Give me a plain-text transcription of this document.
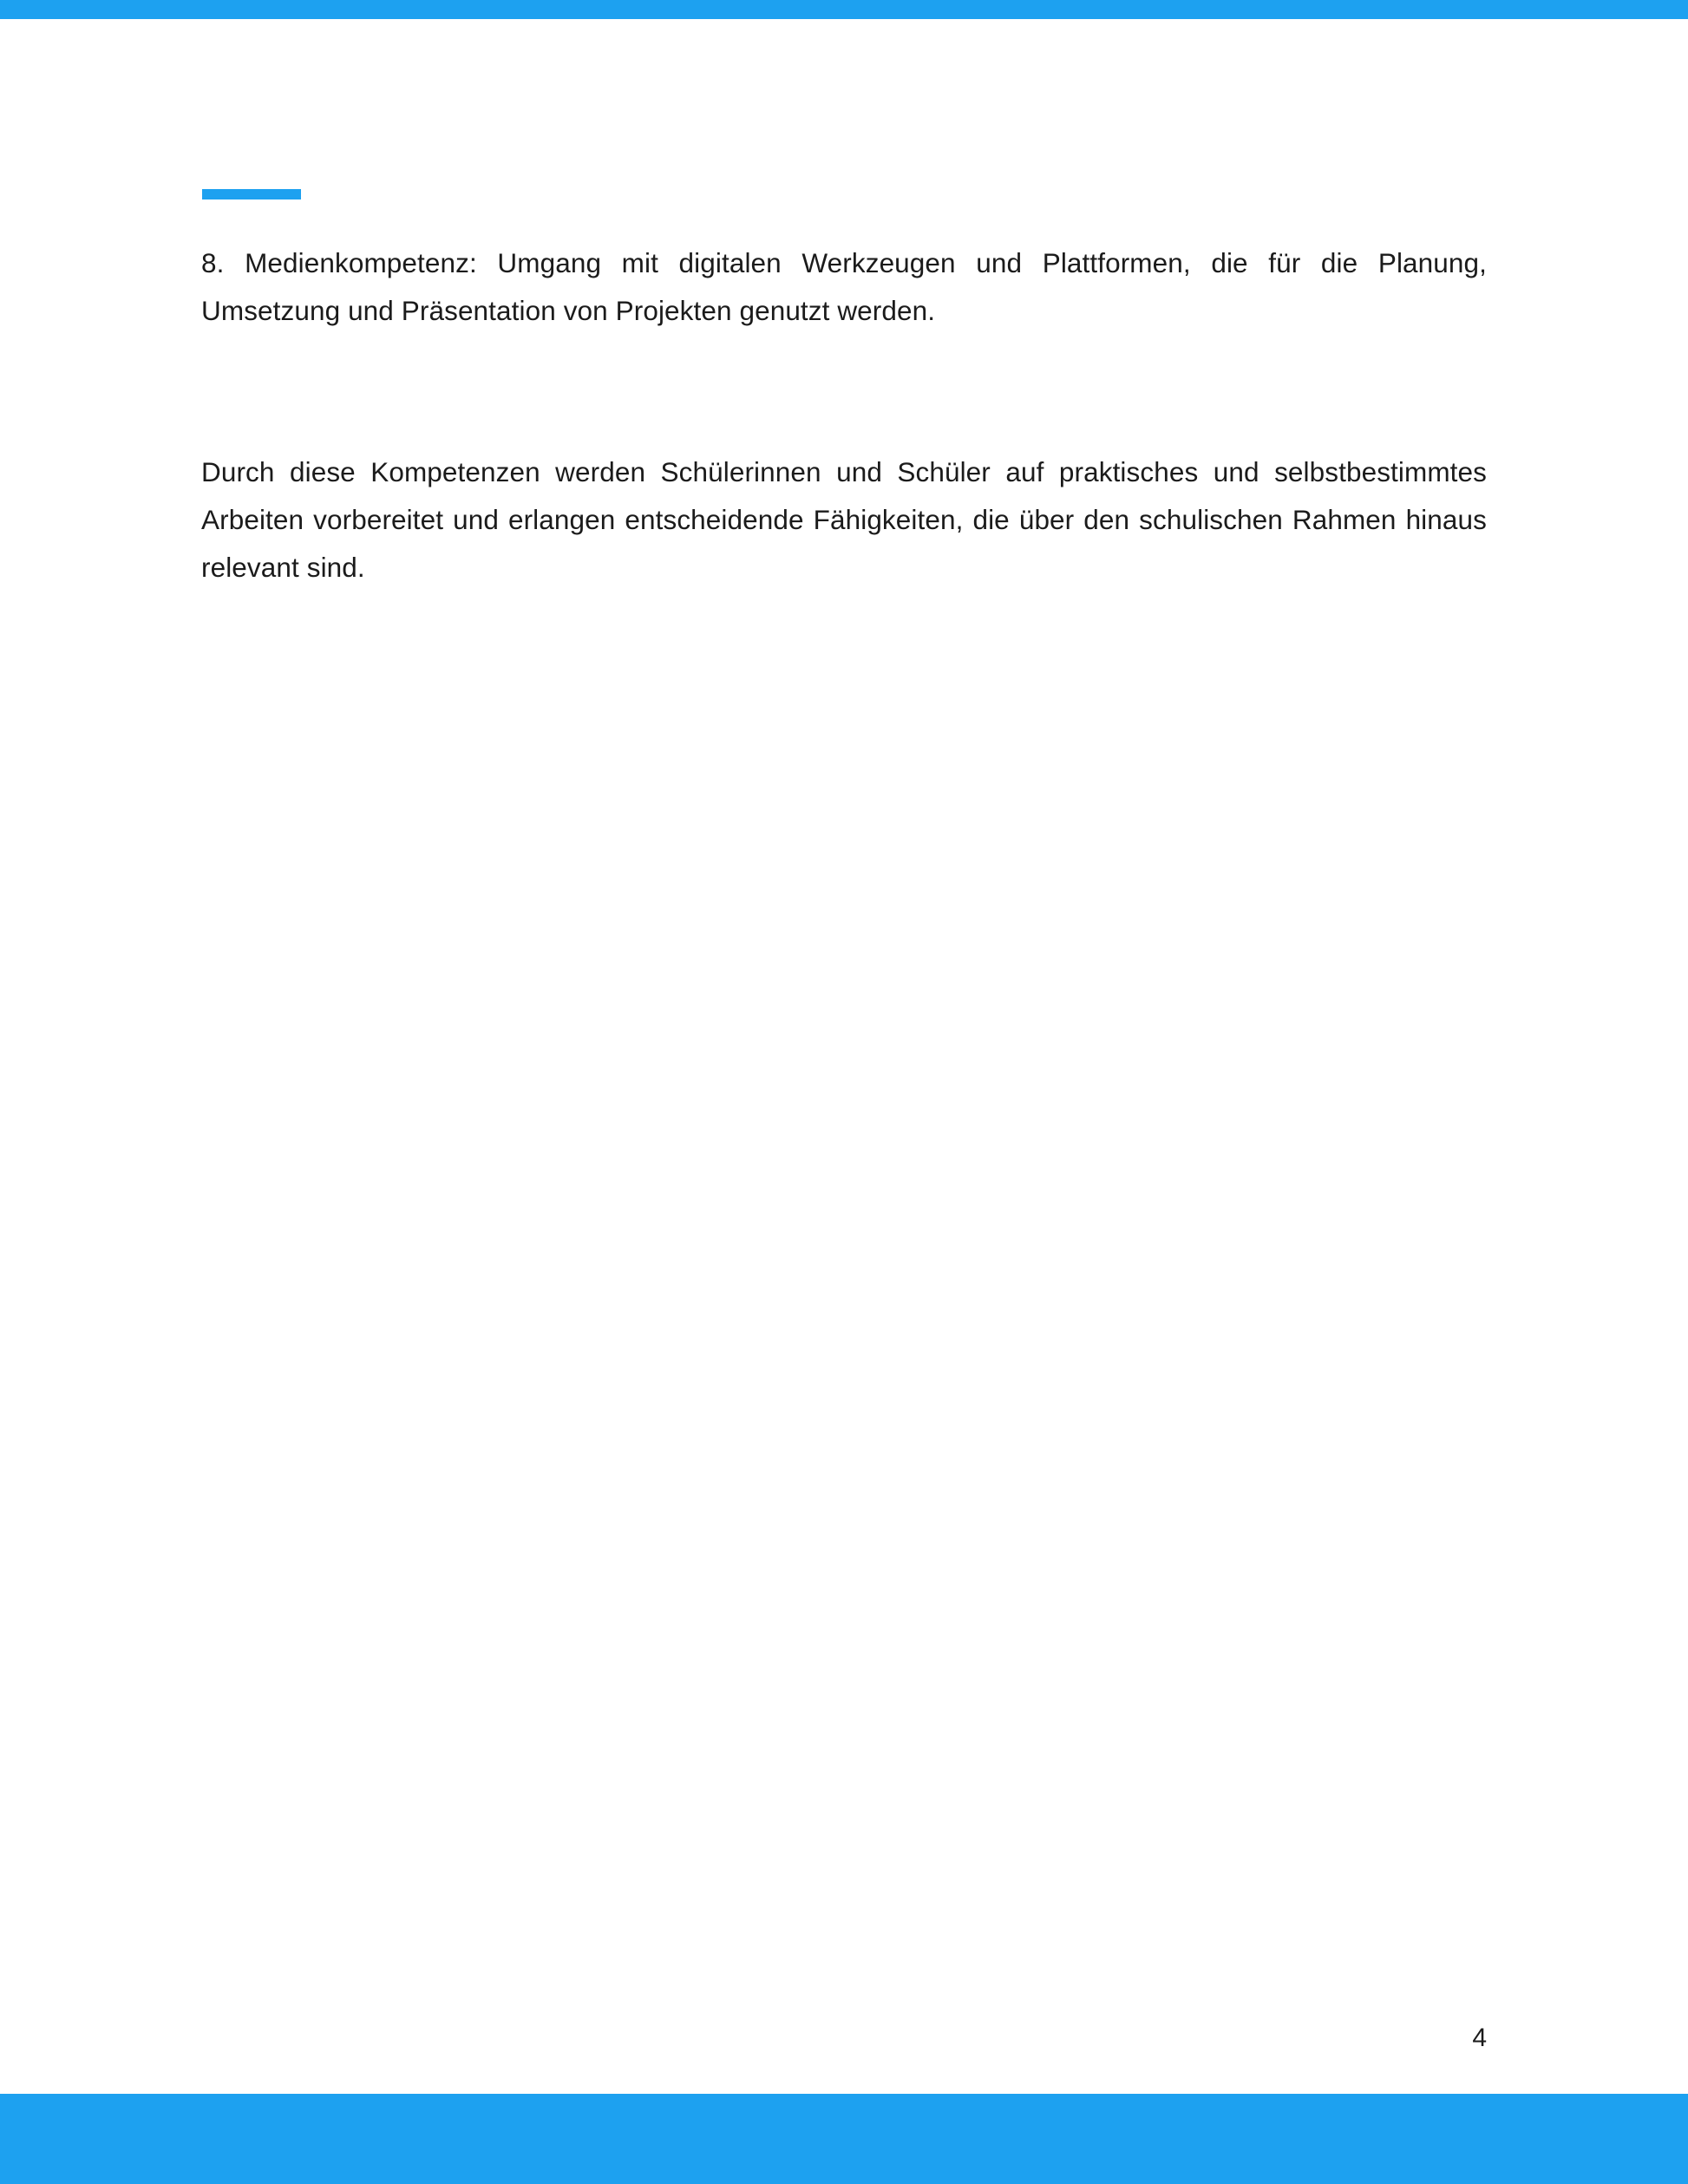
8. Medienkompetenz: Umgang mit digitalen Werkzeugen und Plattformen, die für die Planung, Umsetzung und Präsentation von Projekten genutzt werden.

Durch diese Kompetenzen werden Schülerinnen und Schüler auf praktisches und selbstbestimmtes Arbeiten vorbereitet und erlangen entscheidende Fähigkeiten, die über den schulischen Rahmen hinaus relevant sind.

4
